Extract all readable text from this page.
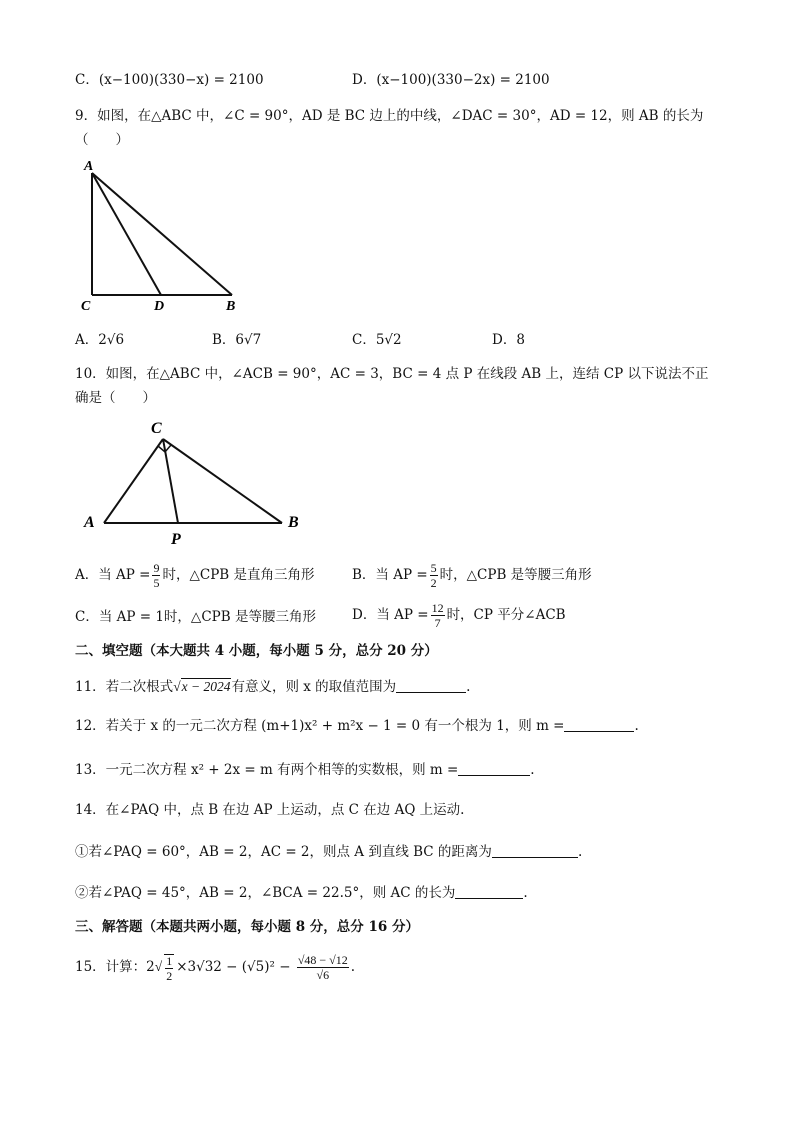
C．(x−100)(330−x) = 2100	D．(x−100)(330−2x) = 2100
9．如图，在△ABC 中，∠C = 90°，AD 是 BC 边上的中线，∠DAC = 30°，AD = 12，则 AB 的长为
（　　）
A
C	D	B
A．2√6	B．6√7	C．5√2	D．8
10．如图，在△ABC 中，∠ACB = 90°，AC = 3，BC = 4 点 P 在线段 AB 上，连结 CP 以下说法不正
确是（　　）
C
A	B
P
A．当 AP = $\frac{9}{5}$ 时，△CPB 是直角三角形	B．当 AP = $\frac{5}{2}$ 时，△CPB 是等腰三角形
C．当 AP = 1时，△CPB 是等腰三角形	D．当 AP = $\frac{12}{7}$ 时，CP 平分∠ACB
二、填空题（本大题共 4 小题，每小题 5 分，总分 20 分）
11．若二次根式√x − 2024有意义，则 x 的取值范围为	.
12．若关于 x 的一元二次方程 (m+1)x² + m²x − 1 = 0 有一个根为 1，则 m =	.
13．一元二次方程 x² + 2x = m 有两个相等的实数根，则 m =	.
14．在∠PAQ 中，点 B 在边 AP 上运动，点 C 在边 AQ 上运动.
①若∠PAQ = 60°，AB = 2，AC = 2，则点 A 到直线 BC 的距离为	.
②若∠PAQ = 45°，AB = 2，∠BCA = 22.5°，则 AC 的长为	.
三、解答题（本题共两小题，每小题 8 分，总分 16 分）
15．计算：$2√ \frac{1}{2} \times 3√32 - (√5)^2 - \frac{√48 - √12}{√6}$ .
